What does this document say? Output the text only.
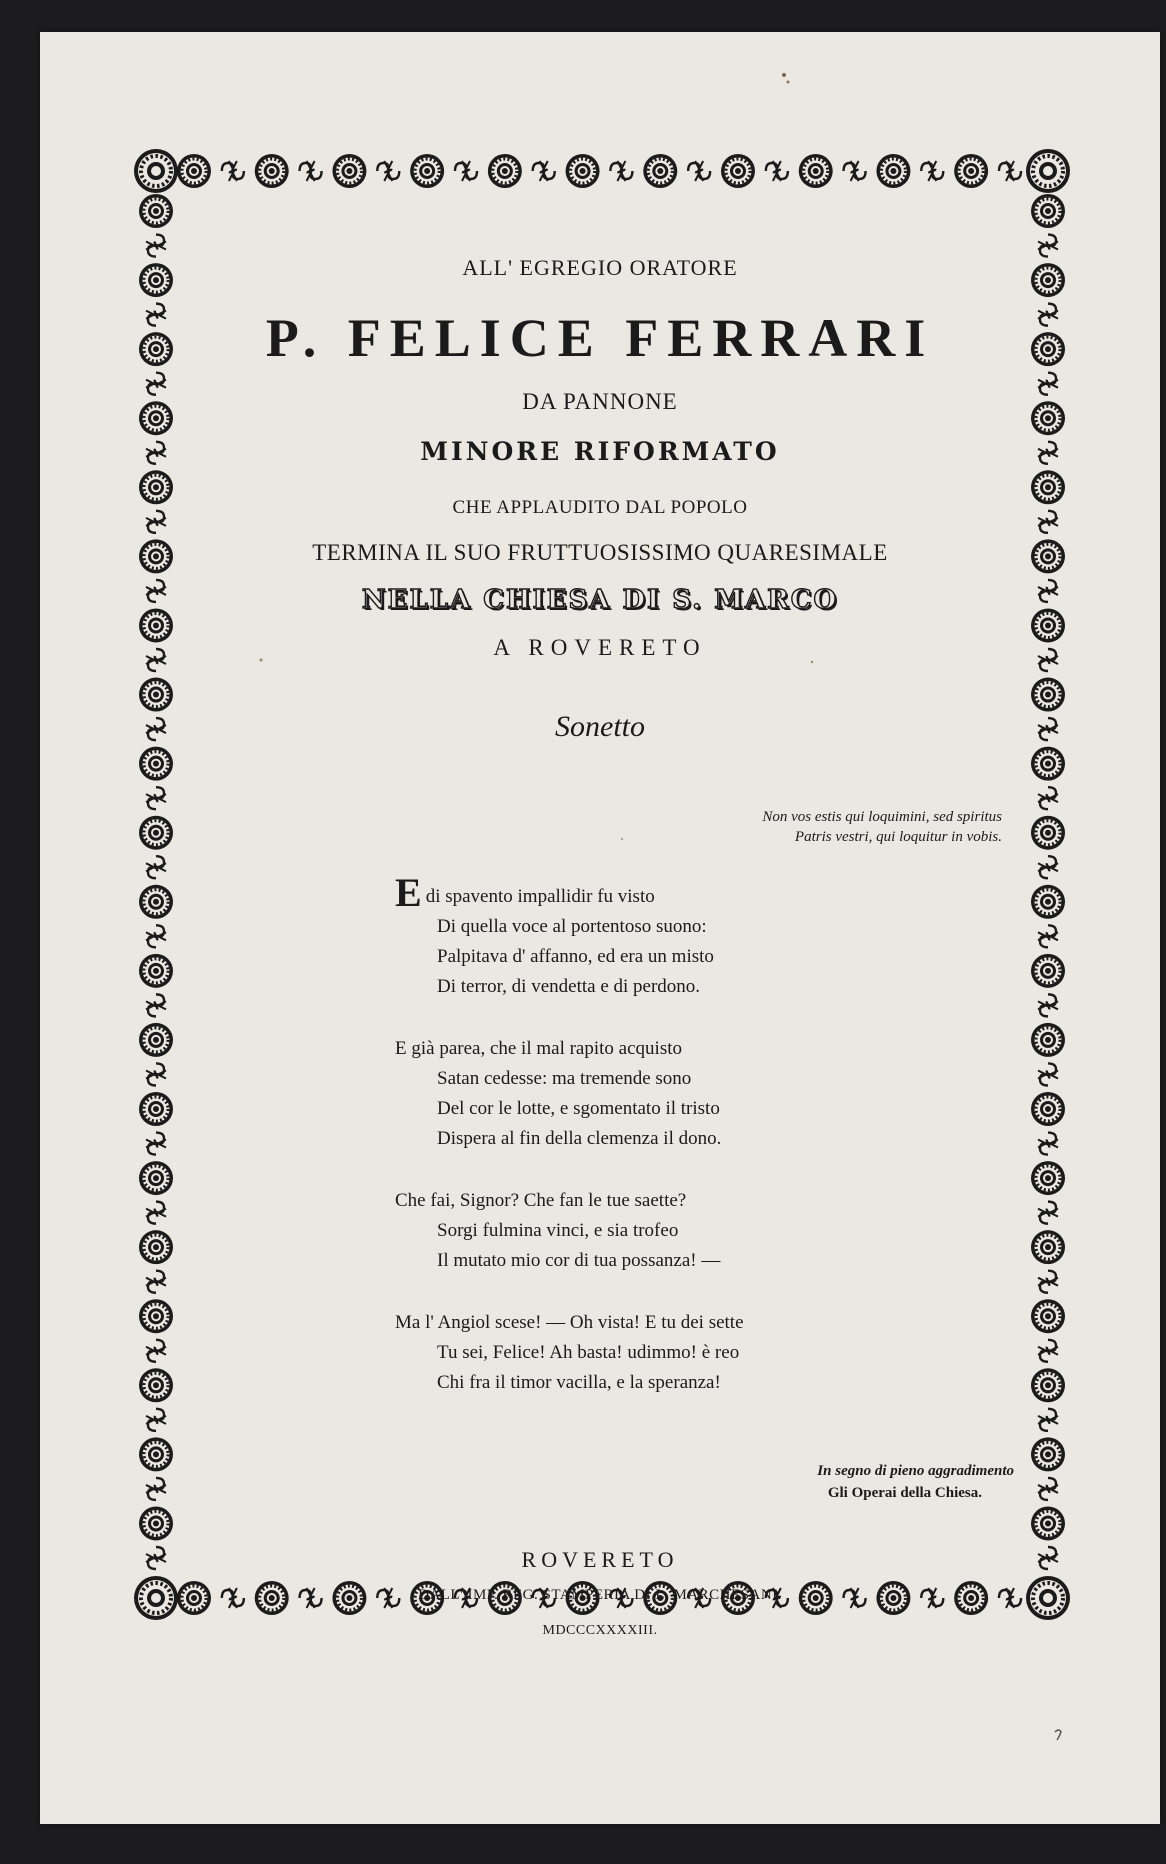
ALL' EGREGIO ORATORE
P. FELICE FERRARI
DA PANNONE
MINORE RIFORMATO
CHE APPLAUDITO DAL POPOLO
TERMINA IL SUO FRUTTUOSISSIMO QUARESIMALE
NELLA CHIESA DI S. MARCO
A ROVERETO
Sonetto
Non vos estis qui loquimini, sed spiritus
Patris vestri, qui loquitur in vobis.
Edi spavento impallidir fu visto
Di quella voce al portentoso suono:
Palpitava d' affanno, ed era un misto
Di terror, di vendetta e di perdono.
E già parea, che il mal rapito acquisto
Satan cedesse: ma tremende sono
Del cor le lotte, e sgomentato il tristo
Dispera al fin della clemenza il dono.
Che fai, Signor? Che fan le tue saette?
Sorgi fulmina vinci, e sia trofeo
Il mutato mio cor di tua possanza! —
Ma l' Angiol scese! — Oh vista! E tu dei sette
Tu sei, Felice! Ah basta! udimmo! è reo
Chi fra il timor vacilla, e la speranza!
In segno di pieno aggradimento
Gli Operai della Chiesa.
ROVERETO
DALL' IMP. REG. STAMPERIA DI L. MARCHESANI.
MDCCCXXXXIII.
